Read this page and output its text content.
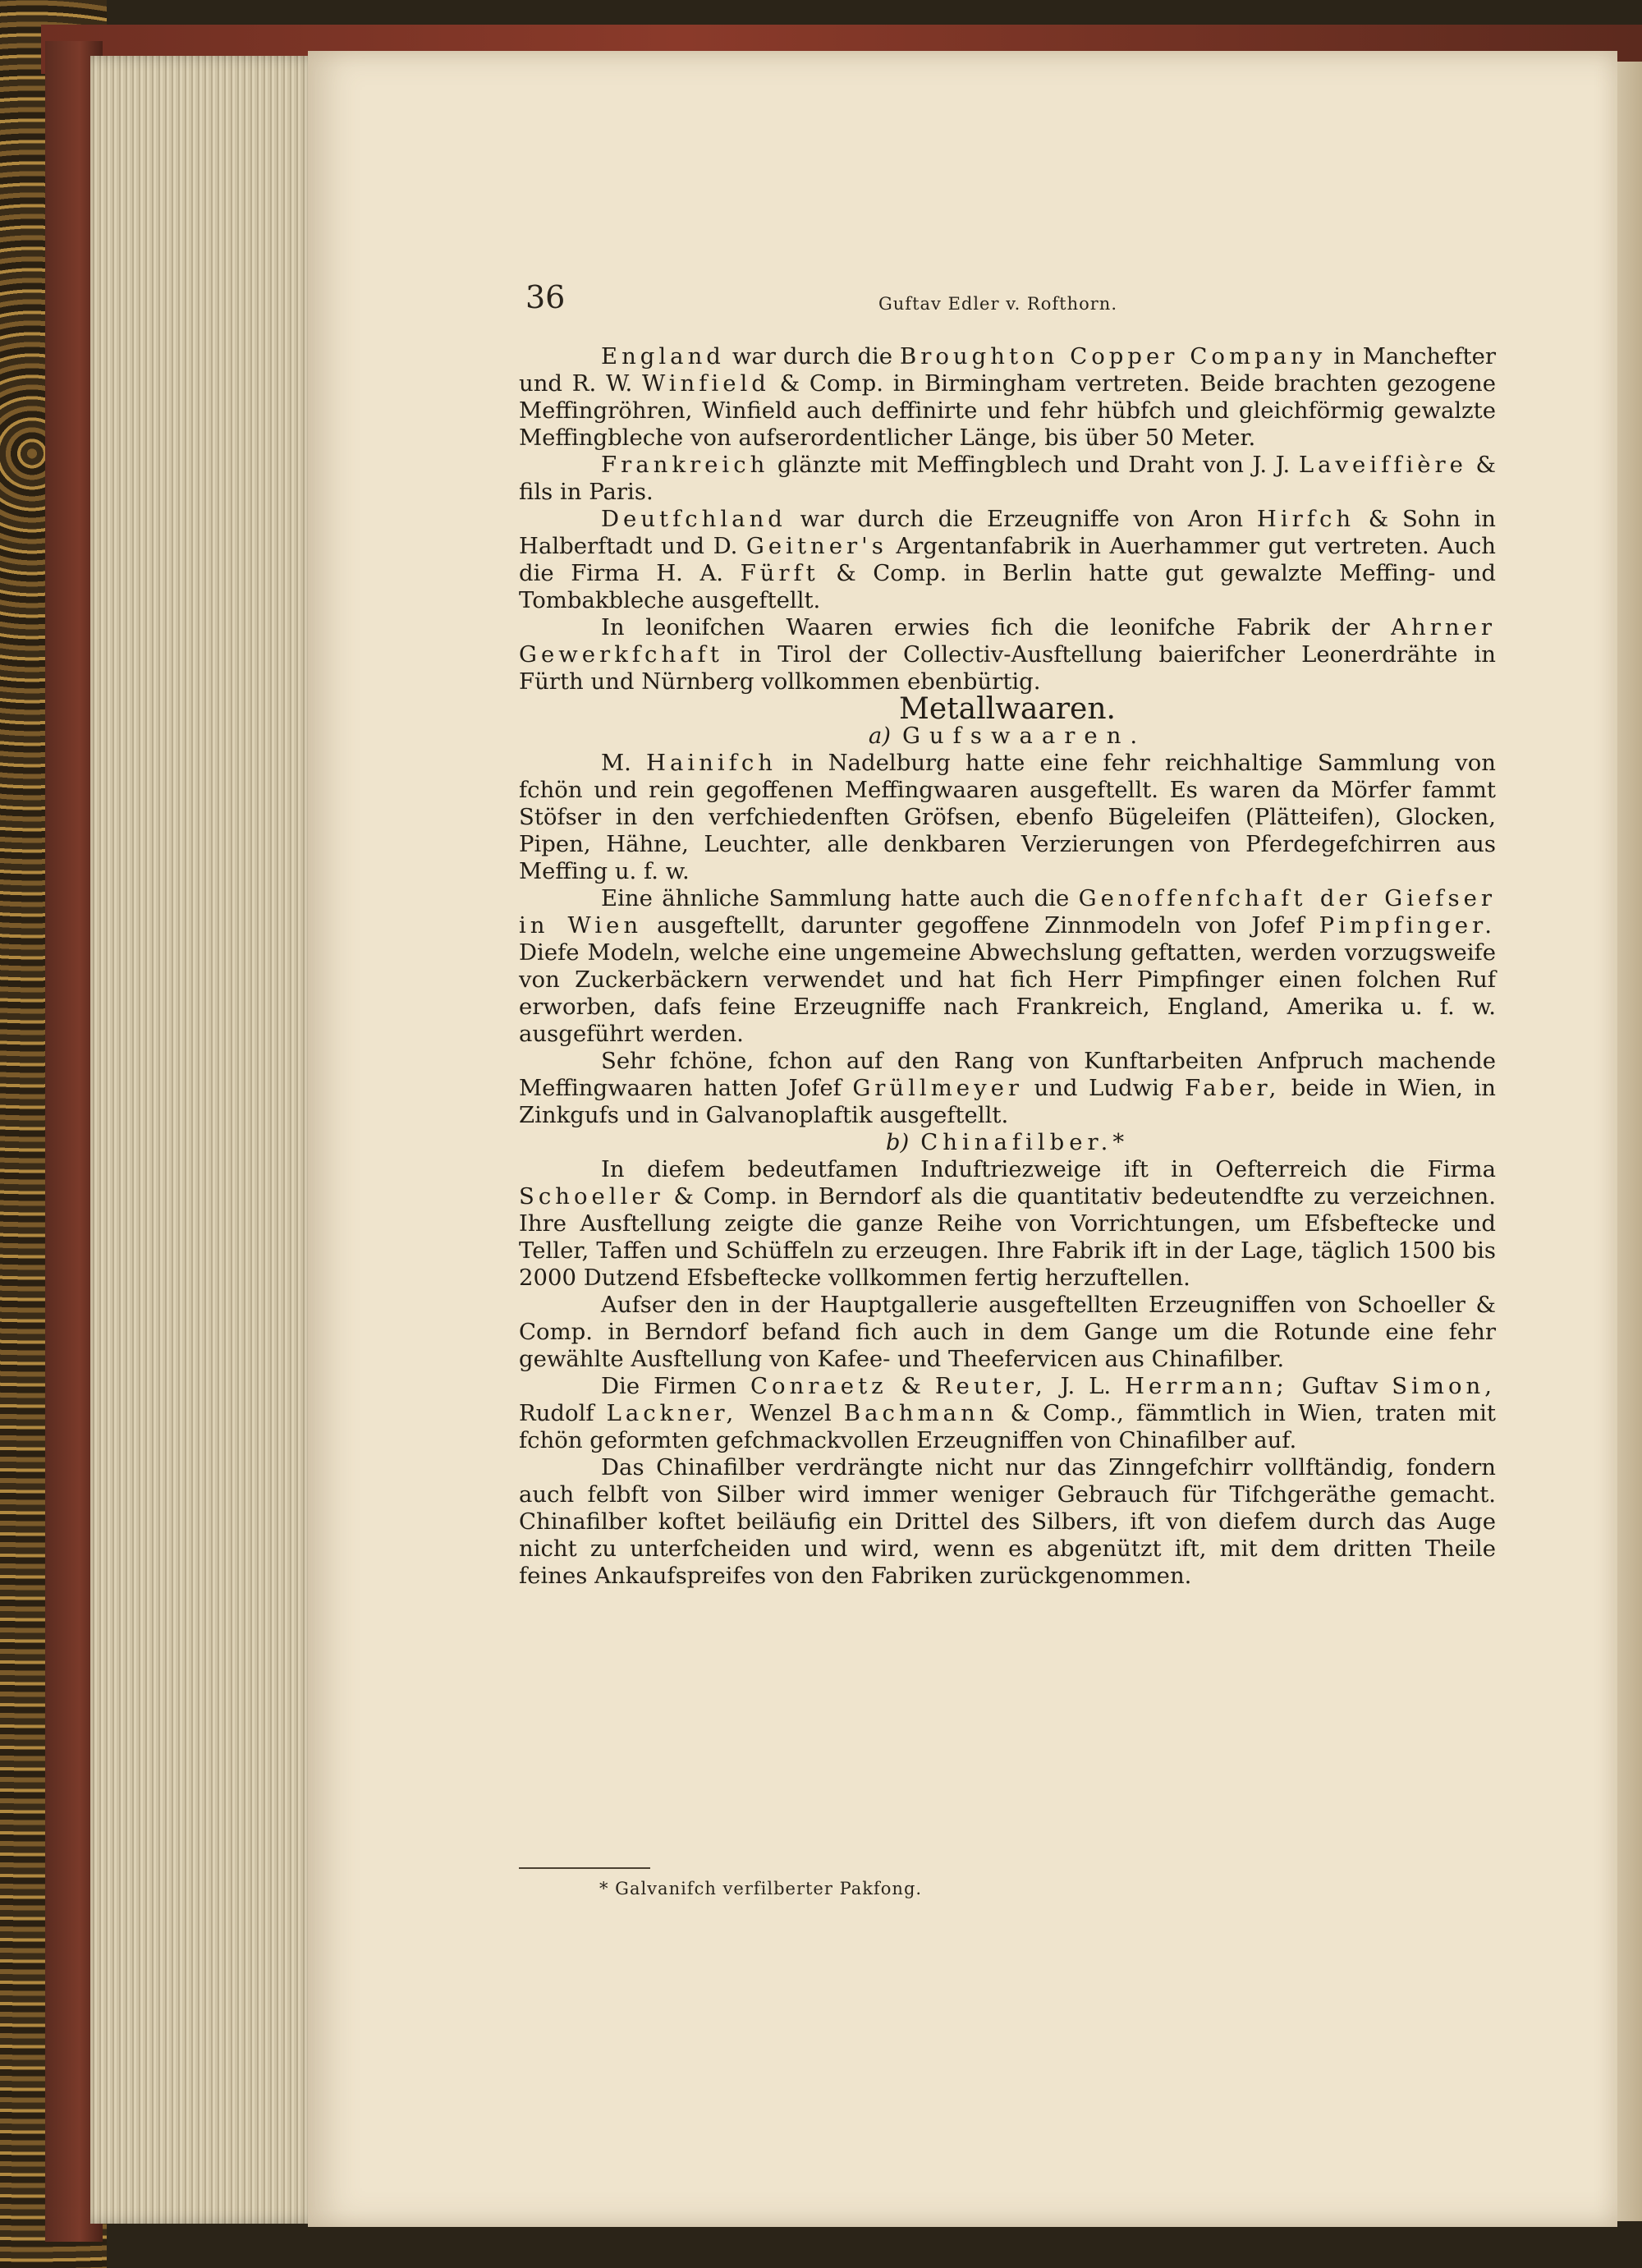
36	Guftav Edler v. Rofthorn.

England war durch die Broughton Copper Company in Manchefter und R. W. Winfield & Comp. in Birmingham vertreten. Beide brachten gezogene Meffingröhren, Winfield auch deffinirte und fehr hübfch und gleichförmig gewalzte Meffingbleche von aufserordentlicher Länge, bis über 50 Meter.

Frankreich glänzte mit Meffingblech und Draht von J. J. Laveiffière & fils in Paris.

Deutfchland war durch die Erzeugniffe von Aron Hirfch & Sohn in Halberftadt und D. Geitner's Argentanfabrik in Auerhammer gut vertreten. Auch die Firma H. A. Fürft & Comp. in Berlin hatte gut gewalzte Meffing- und Tombakbleche ausgeftellt.

In leonifchen Waaren erwies fich die leonifche Fabrik der Ahrner Gewerkfchaft in Tirol der Collectiv-Ausftellung baierifcher Leonerdrähte in Fürth und Nürnberg vollkommen ebenbürtig.

Metallwaaren.

a) Gufswaaren.

M. Hainifch in Nadelburg hatte eine fehr reichhaltige Sammlung von fchön und rein gegoffenen Meffingwaaren ausgeftellt. Es waren da Mörfer fammt Stöfser in den verfchiedenften Gröfsen, ebenfo Bügeleifen (Plätteifen), Glocken, Pipen, Hähne, Leuchter, alle denkbaren Verzierungen von Pferdegefchirren aus Meffing u. f. w.

Eine ähnliche Sammlung hatte auch die Genoffenfchaft der Giefser in Wien ausgeftellt, darunter gegoffene Zinnmodeln von Jofef Pimpfinger. Diefe Modeln, welche eine ungemeine Abwechslung geftatten, werden vorzugsweife von Zuckerbäckern verwendet und hat fich Herr Pimpfinger einen folchen Ruf erworben, dafs feine Erzeugniffe nach Frankreich, England, Amerika u. f. w. ausgeführt werden.

Sehr fchöne, fchon auf den Rang von Kunftarbeiten Anfpruch machende Meffingwaaren hatten Jofef Grüllmeyer und Ludwig Faber, beide in Wien, in Zinkgufs und in Galvanoplaftik ausgeftellt.

b) Chinafilber.*

In diefem bedeutfamen Induftriezweige ift in Oefterreich die Firma Schoeller & Comp. in Berndorf als die quantitativ bedeutendfte zu verzeichnen. Ihre Ausftellung zeigte die ganze Reihe von Vorrichtungen, um Efsbeftecke und Teller, Taffen und Schüffeln zu erzeugen. Ihre Fabrik ift in der Lage, täglich 1500 bis 2000 Dutzend Efsbeftecke vollkommen fertig herzuftellen.

Aufser den in der Hauptgallerie ausgeftellten Erzeugniffen von Schoeller & Comp. in Berndorf befand fich auch in dem Gange um die Rotunde eine fehr gewählte Ausftellung von Kafee- und Theefervicen aus Chinafilber.

Die Firmen Conraetz & Reuter, J. L. Herrmann; Guftav Simon, Rudolf Lackner, Wenzel Bachmann & Comp., fämmtlich in Wien, traten mit fchön geformten gefchmackvollen Erzeugniffen von Chinafilber auf.

Das Chinafilber verdrängte nicht nur das Zinngefchirr vollftändig, fondern auch felbft von Silber wird immer weniger Gebrauch für Tifchgeräthe gemacht. Chinafilber koftet beiläufig ein Drittel des Silbers, ift von diefem durch das Auge nicht zu unterfcheiden und wird, wenn es abgenützt ift, mit dem dritten Theile feines Ankaufspreifes von den Fabriken zurückgenommen.

* Galvanifch verfilberter Pakfong.
